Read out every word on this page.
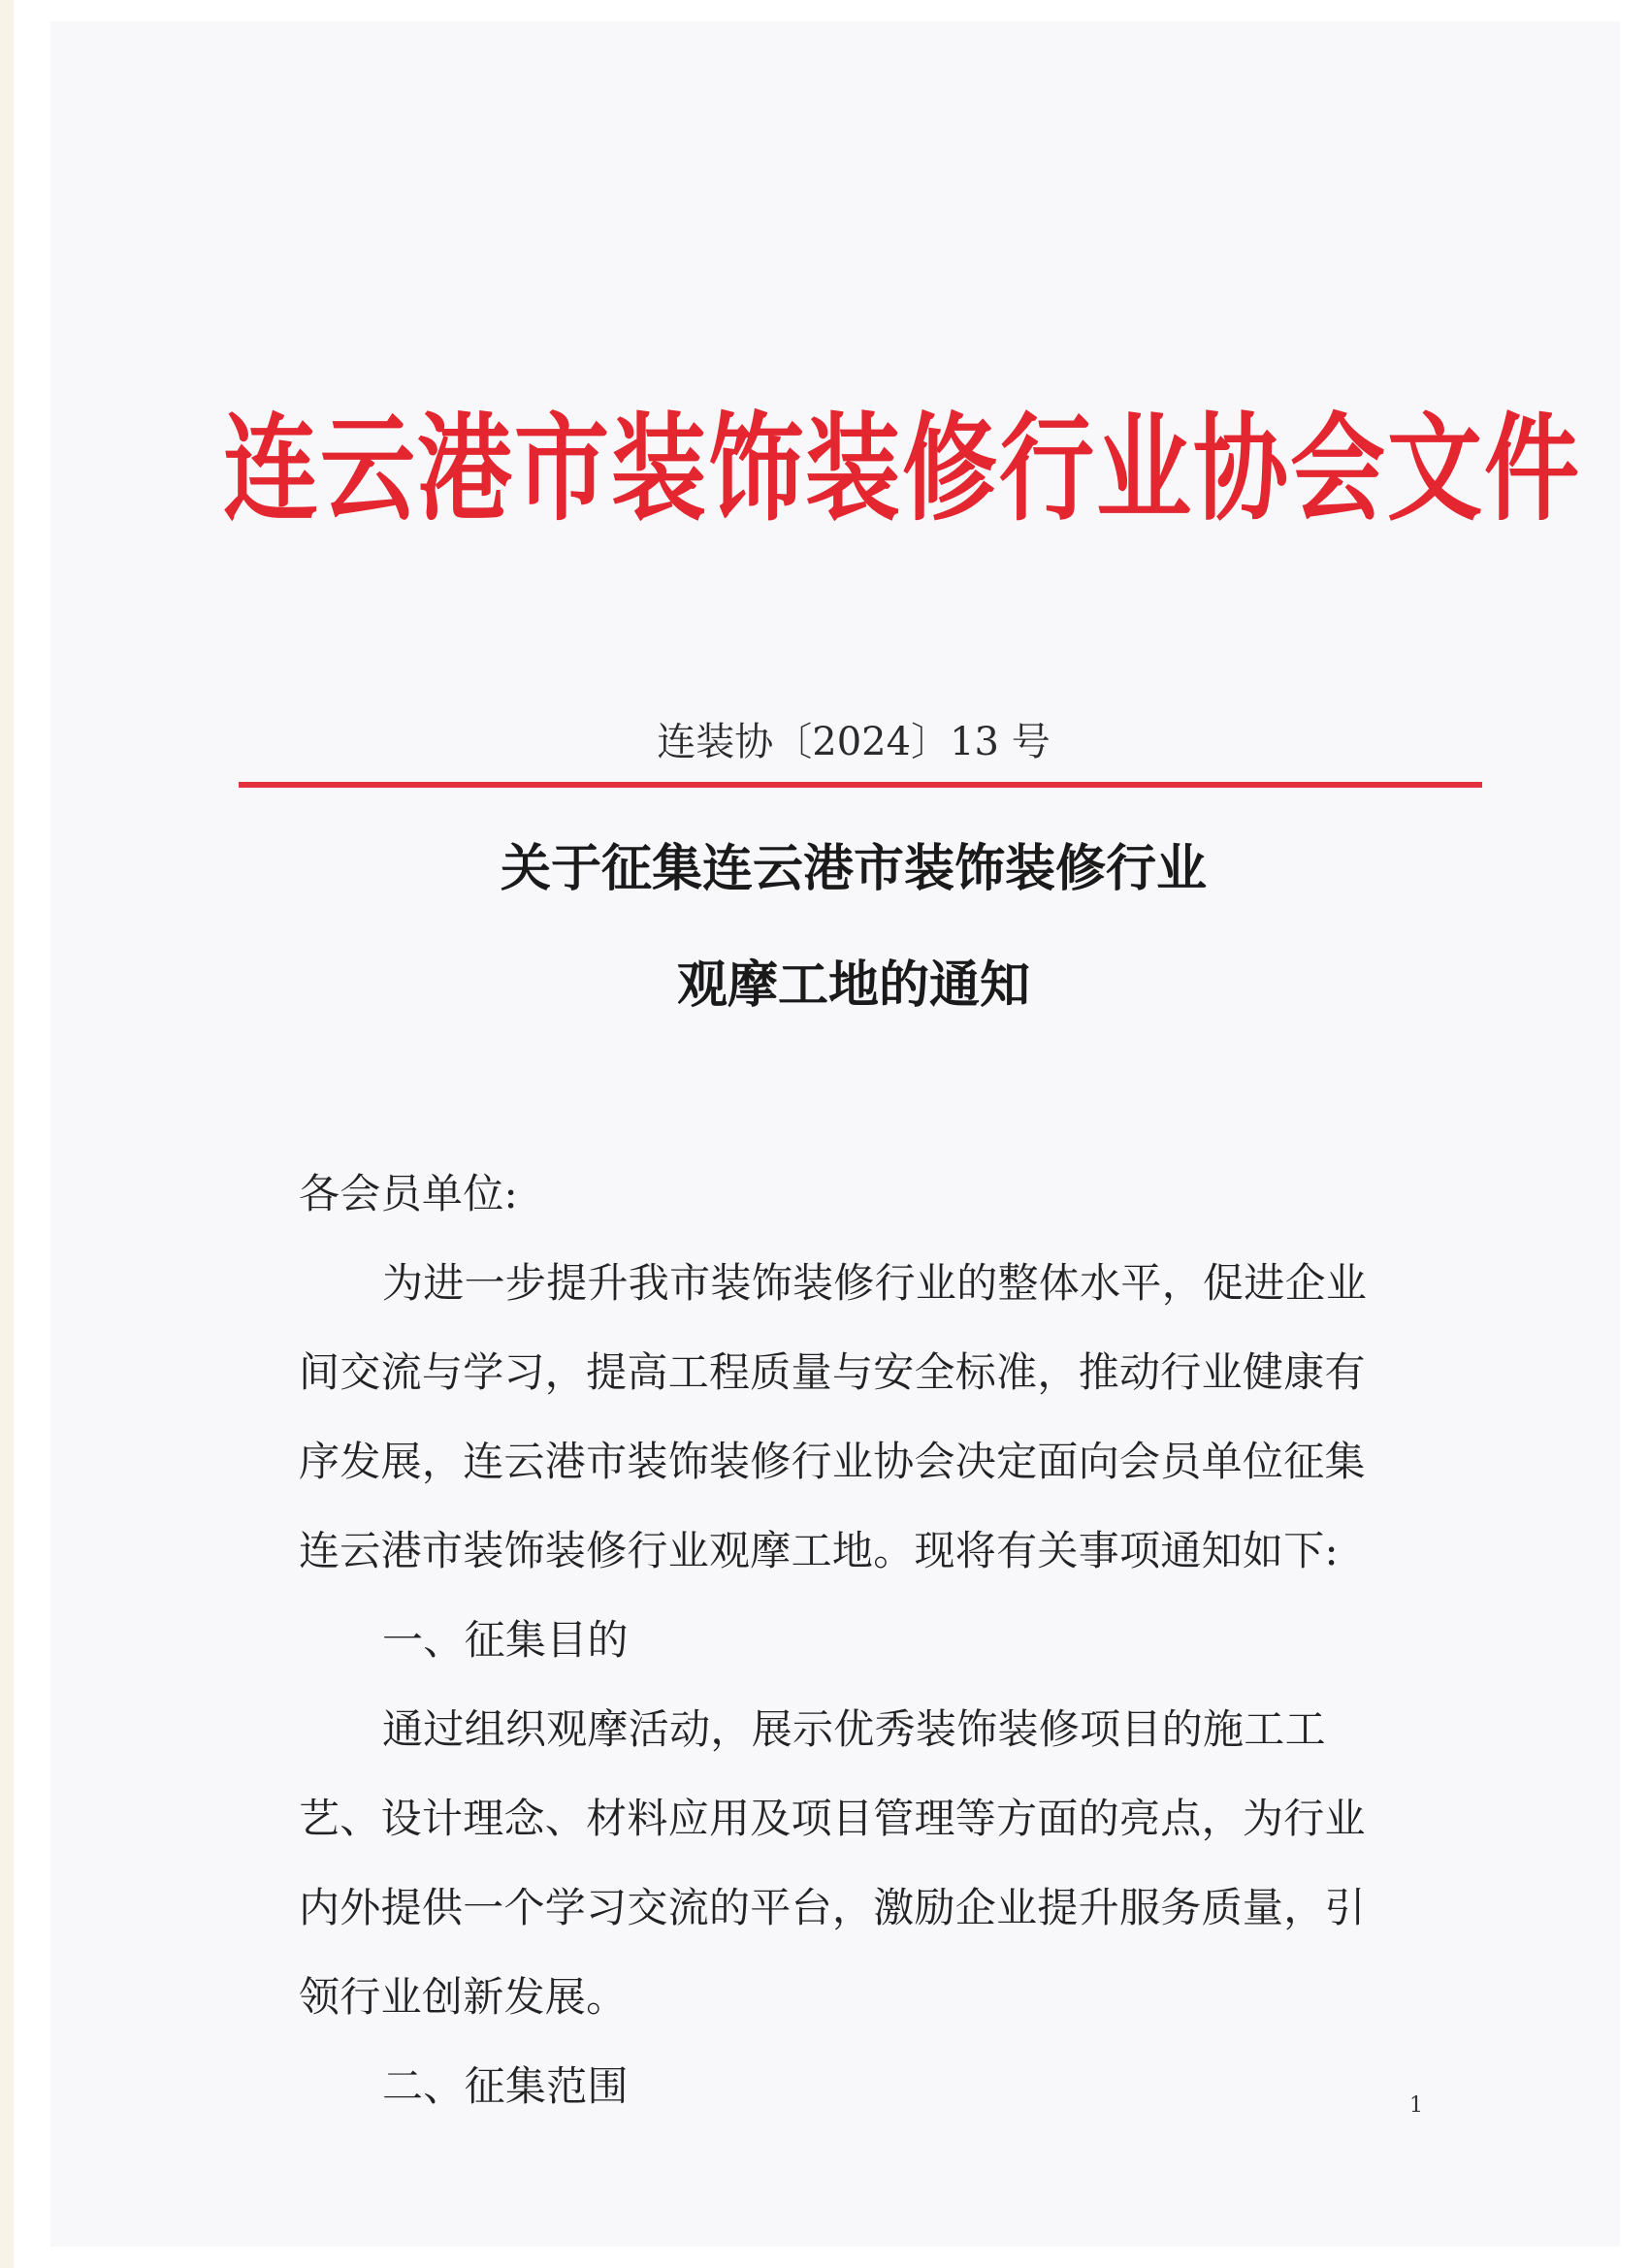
连云港市装饰装修行业协会文件
连装协〔2024〕13 号
关于征集连云港市装饰装修行业
观摩工地的通知
各会员单位:
为进一步提升我市装饰装修行业的整体水平，促进企业
间交流与学习，提高工程质量与安全标准，推动行业健康有
序发展，连云港市装饰装修行业协会决定面向会员单位征集
连云港市装饰装修行业观摩工地。现将有关事项通知如下:
一、征集目的
通过组织观摩活动，展示优秀装饰装修项目的施工工
艺、设计理念、材料应用及项目管理等方面的亮点，为行业
内外提供一个学习交流的平台，激励企业提升服务质量，引
领行业创新发展。
二、征集范围	1
